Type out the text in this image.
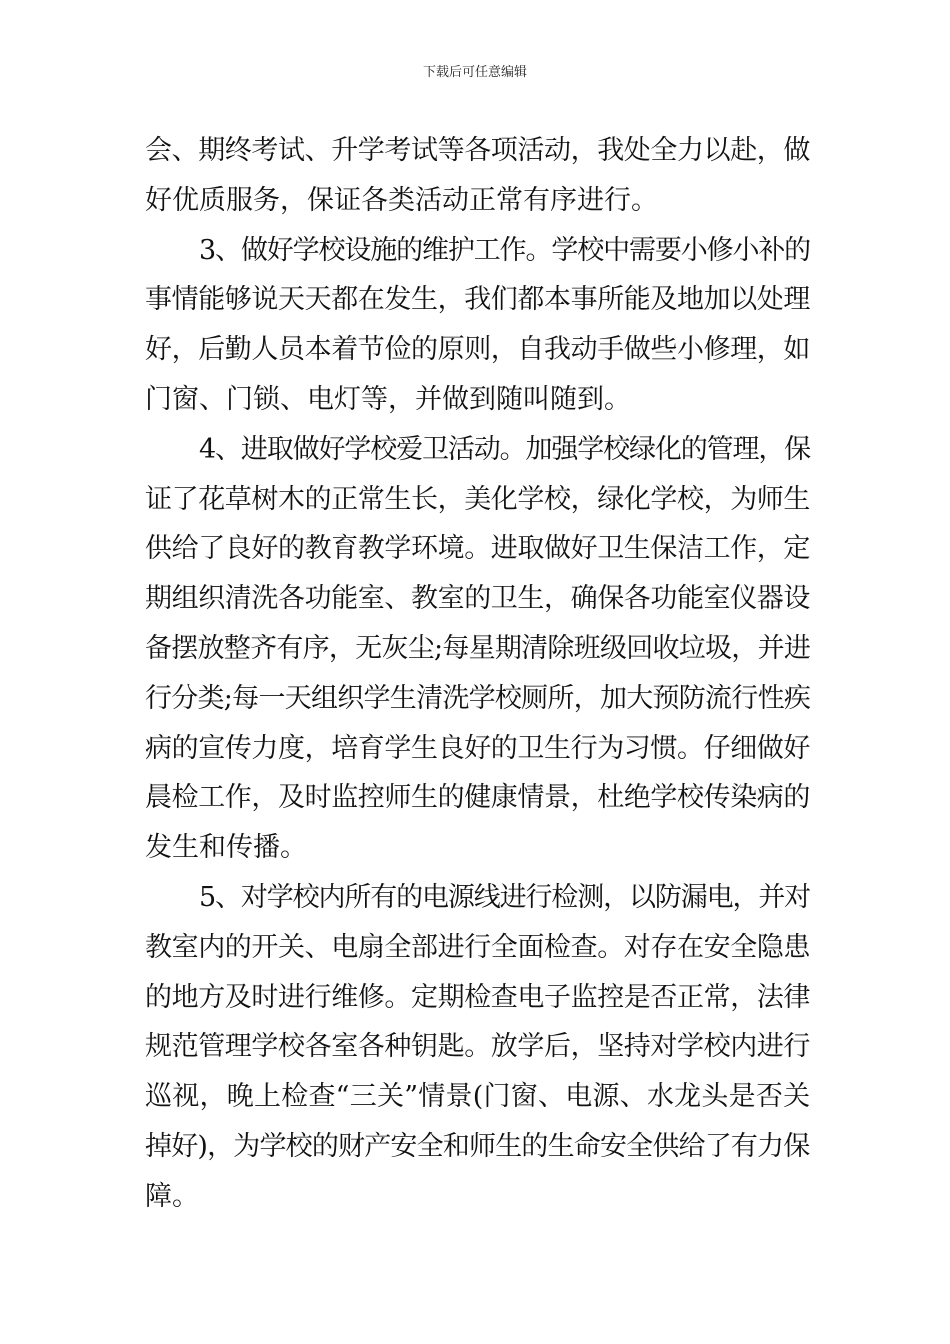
下载后可任意编辑
会、期终考试、升学考试等各项活动，我处全力以赴，做
好优质服务，保证各类活动正常有序进行。
3、做好学校设施的维护工作。学校中需要小修小补的
事情能够说天天都在发生，我们都本事所能及地加以处理
好，后勤人员本着节俭的原则，自我动手做些小修理，如
门窗、门锁、电灯等，并做到随叫随到。
4、进取做好学校爱卫活动。加强学校绿化的管理，保
证了花草树木的正常生长，美化学校，绿化学校，为师生
供给了良好的教育教学环境。进取做好卫生保洁工作，定
期组织清洗各功能室、教室的卫生，确保各功能室仪器设
备摆放整齐有序，无灰尘;每星期清除班级回收垃圾，并进
行分类;每一天组织学生清洗学校厕所，加大预防流行性疾
病的宣传力度，培育学生良好的卫生行为习惯。仔细做好
晨检工作，及时监控师生的健康情景，杜绝学校传染病的
发生和传播。
5、对学校内所有的电源线进行检测，以防漏电，并对
教室内的开关、电扇全部进行全面检查。对存在安全隐患
的地方及时进行维修。定期检查电子监控是否正常，法律
规范管理学校各室各种钥匙。放学后，坚持对学校内进行
巡视，晚上检查“三关”情景(门窗、电源、水龙头是否关
掉好)，为学校的财产安全和师生的生命安全供给了有力保
障。
